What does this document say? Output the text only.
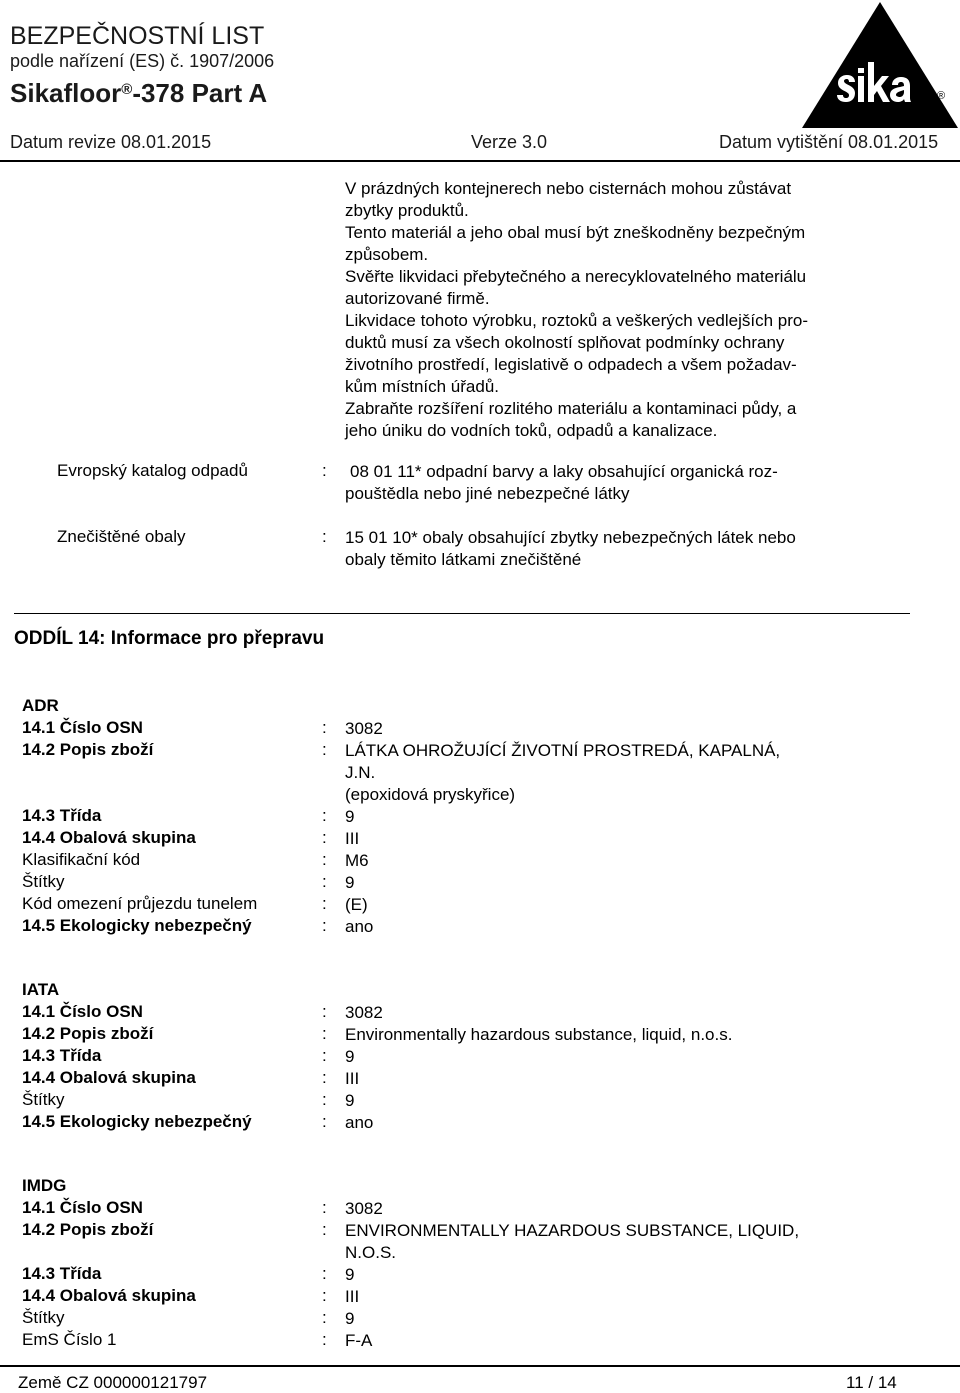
BEZPEČNOSTNÍ LIST
podle nařízení (ES) č. 1907/2006
Sikafloor®-378 Part A
Datum revize 08.01.2015	Verze 3.0	Datum vytištění 08.01.2015
®
V prázdných kontejnerech nebo cisternách mohou zůstávat
zbytky produktů.
Tento materiál a jeho obal musí být zneškodněny bezpečným
způsobem.
Svěřte likvidaci přebytečného a nerecyklovatelného materiálu
autorizované firmě.
Likvidace tohoto výrobku, roztoků a veškerých vedlejších pro-
duktů musí za všech okolností splňovat podmínky ochrany
životního prostředí, legislativě o odpadech a všem požadav-
kům místních úřadů.
Zabraňte rozšíření rozlitého materiálu a kontaminaci půdy, a
jeho úniku do vodních toků, odpadů a kanalizace.
Evropský katalog odpadů	: 08 01 11* odpadní barvy a laky obsahující organická roz-
pouštědla nebo jiné nebezpečné látky
Znečištěné obaly	: 15 01 10* obaly obsahující zbytky nebezpečných látek nebo
obaly těmito látkami znečištěné
ODDÍL 14: Informace pro přepravu
ADR
14.1 Číslo OSN	: 3082
14.2 Popis zboží	: LÁTKA OHROŽUJÍCÍ ŽIVOTNÍ PROSTREDÁ, KAPALNÁ,
J.N.
(epoxidová pryskyřice)
14.3 Třída	: 9
14.4 Obalová skupina	: III
Klasifikační kód	: M6
Štítky	: 9
Kód omezení průjezdu tunelem	: (E)
14.5 Ekologicky nebezpečný	: ano
IATA
14.1 Číslo OSN	: 3082
14.2 Popis zboží	: Environmentally hazardous substance, liquid, n.o.s.
14.3 Třída	: 9
14.4 Obalová skupina	: III
Štítky	: 9
14.5 Ekologicky nebezpečný	: ano
IMDG
14.1 Číslo OSN	: 3082
14.2 Popis zboží	: ENVIRONMENTALLY HAZARDOUS SUBSTANCE, LIQUID,
N.O.S.
14.3 Třída	: 9
14.4 Obalová skupina	: III
Štítky	: 9
EmS Číslo 1	: F-A
Země CZ 000000121797	11 / 14
